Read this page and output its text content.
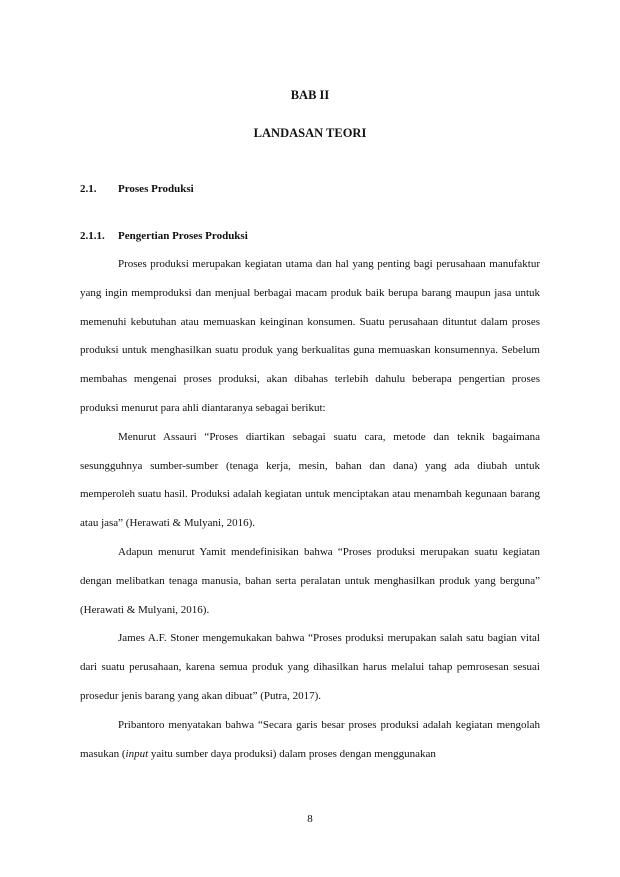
BAB II
LANDASAN TEORI
2.1. Proses Produksi
2.1.1. Pengertian Proses Produksi

Proses produksi merupakan kegiatan utama dan hal yang penting bagi perusahaan manufaktur yang ingin memproduksi dan menjual berbagai macam produk baik berupa barang maupun jasa untuk memenuhi kebutuhan atau memuaskan keinginan konsumen. Suatu perusahaan dituntut dalam proses produksi untuk menghasilkan suatu produk yang berkualitas guna memuaskan konsumennya. Sebelum membahas mengenai proses produksi, akan dibahas terlebih dahulu beberapa pengertian proses produksi menurut para ahli diantaranya sebagai berikut:

Menurut Assauri “Proses diartikan sebagai suatu cara, metode dan teknik bagaimana sesungguhnya sumber-sumber (tenaga kerja, mesin, bahan dan dana) yang ada diubah untuk memperoleh suatu hasil. Produksi adalah kegiatan untuk menciptakan atau menambah kegunaan barang atau jasa” (Herawati & Mulyani, 2016).

Adapun menurut Yamit mendefinisikan bahwa “Proses produksi merupakan suatu kegiatan dengan melibatkan tenaga manusia, bahan serta peralatan untuk menghasilkan produk yang berguna” (Herawati & Mulyani, 2016).

James A.F. Stoner mengemukakan bahwa “Proses produksi merupakan salah satu bagian vital dari suatu perusahaan, karena semua produk yang dihasilkan harus melalui tahap pemrosesan sesuai prosedur jenis barang yang akan dibuat” (Putra, 2017).

Pribantoro menyatakan bahwa “Secara garis besar proses produksi adalah kegiatan mengolah masukan (input yaitu sumber daya produksi) dalam proses dengan menggunakan

8
